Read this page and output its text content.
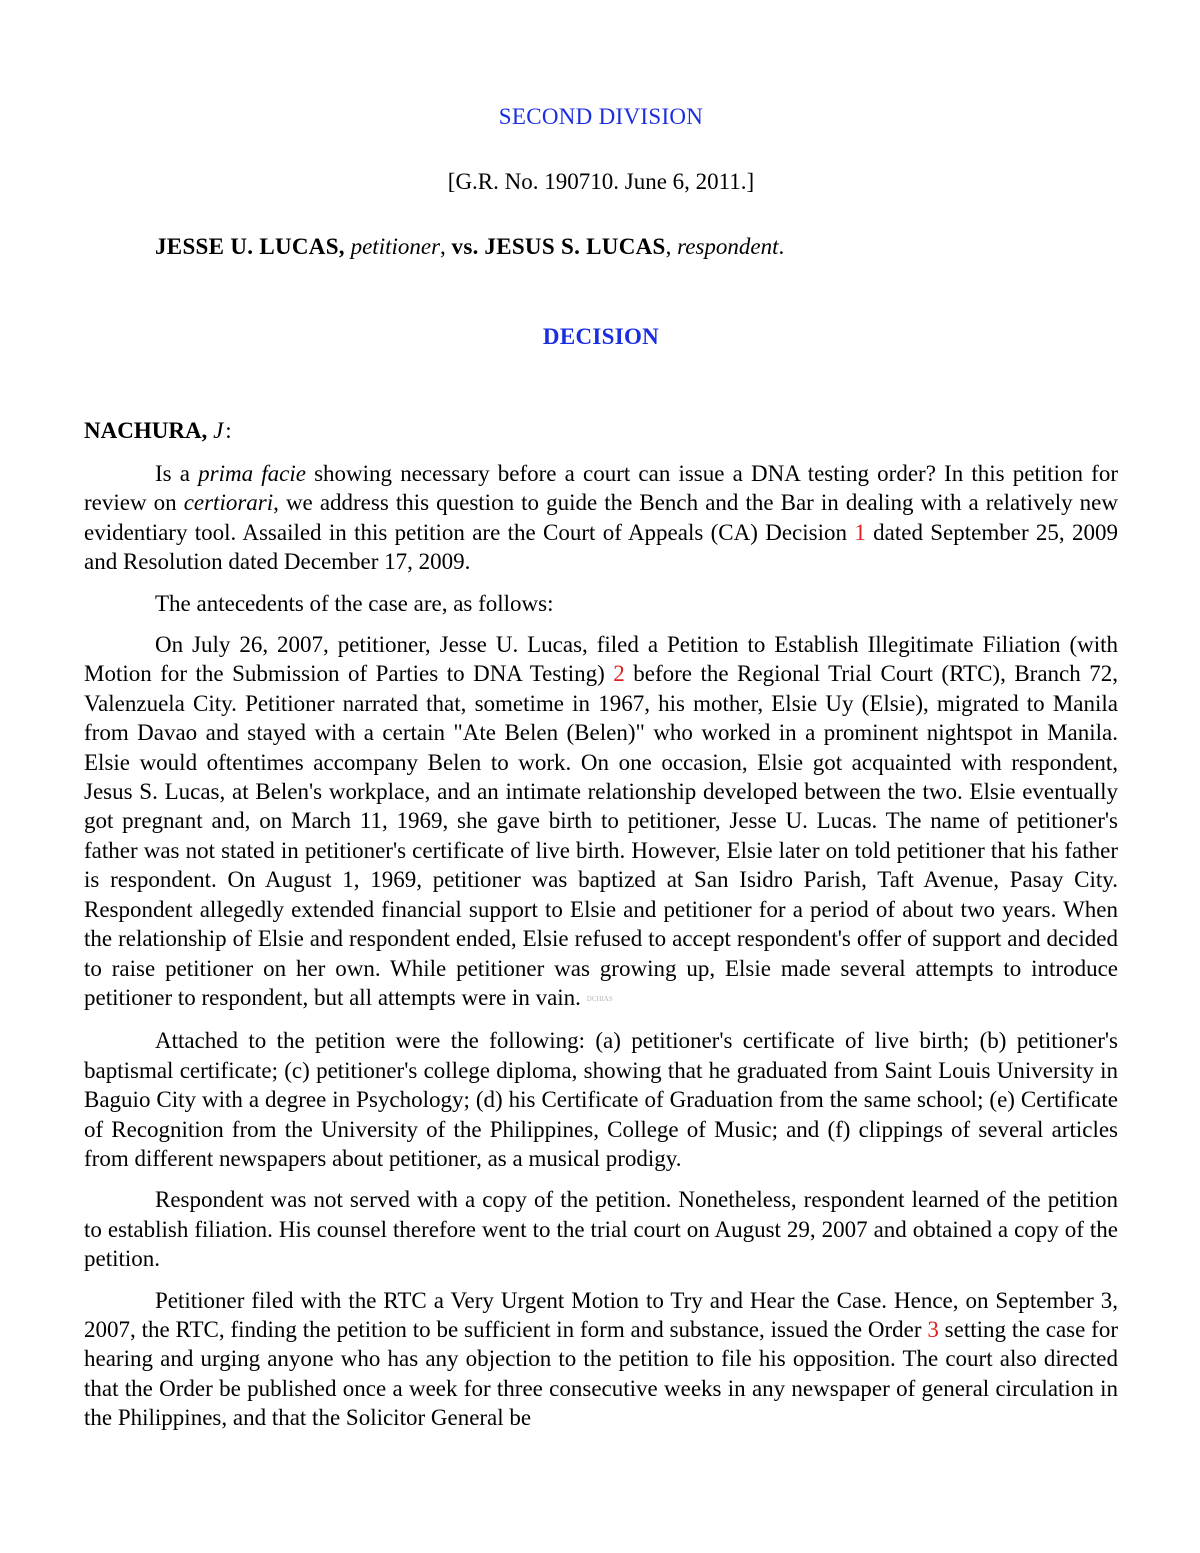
SECOND DIVISION
[G.R. No. 190710. June 6, 2011.]
JESSE U. LUCAS, petitioner, vs. JESUS S. LUCAS, respondent.
DECISION
NACHURA, J.:

Is a prima facie showing necessary before a court can issue a DNA testing order? In this petition for review on certiorari, we address this question to guide the Bench and the Bar in dealing with a relatively new evidentiary tool. Assailed in this petition are the Court of Appeals (CA) Decision 1 dated September 25, 2009 and Resolution dated December 17, 2009.

The antecedents of the case are, as follows:

On July 26, 2007, petitioner, Jesse U. Lucas, filed a Petition to Establish Illegitimate Filiation (with Motion for the Submission of Parties to DNA Testing) 2 before the Regional Trial Court (RTC), Branch 72, Valenzuela City. Petitioner narrated that, sometime in 1967, his mother, Elsie Uy (Elsie), migrated to Manila from Davao and stayed with a certain "Ate Belen (Belen)" who worked in a prominent nightspot in Manila. Elsie would oftentimes accompany Belen to work. On one occasion, Elsie got acquainted with respondent, Jesus S. Lucas, at Belen's workplace, and an intimate relationship developed between the two. Elsie eventually got pregnant and, on March 11, 1969, she gave birth to petitioner, Jesse U. Lucas. The name of petitioner's father was not stated in petitioner's certificate of live birth. However, Elsie later on told petitioner that his father is respondent. On August 1, 1969, petitioner was baptized at San Isidro Parish, Taft Avenue, Pasay City. Respondent allegedly extended financial support to Elsie and petitioner for a period of about two years. When the relationship of Elsie and respondent ended, Elsie refused to accept respondent's offer of support and decided to raise petitioner on her own. While petitioner was growing up, Elsie made several attempts to introduce petitioner to respondent, but all attempts were in vain. DCHIAS

Attached to the petition were the following: (a) petitioner's certificate of live birth; (b) petitioner's baptismal certificate; (c) petitioner's college diploma, showing that he graduated from Saint Louis University in Baguio City with a degree in Psychology; (d) his Certificate of Graduation from the same school; (e) Certificate of Recognition from the University of the Philippines, College of Music; and (f) clippings of several articles from different newspapers about petitioner, as a musical prodigy.

Respondent was not served with a copy of the petition. Nonetheless, respondent learned of the petition to establish filiation. His counsel therefore went to the trial court on August 29, 2007 and obtained a copy of the petition.

Petitioner filed with the RTC a Very Urgent Motion to Try and Hear the Case. Hence, on September 3, 2007, the RTC, finding the petition to be sufficient in form and substance, issued the Order 3 setting the case for hearing and urging anyone who has any objection to the petition to file his opposition. The court also directed that the Order be published once a week for three consecutive weeks in any newspaper of general circulation in the Philippines, and that the Solicitor General be
